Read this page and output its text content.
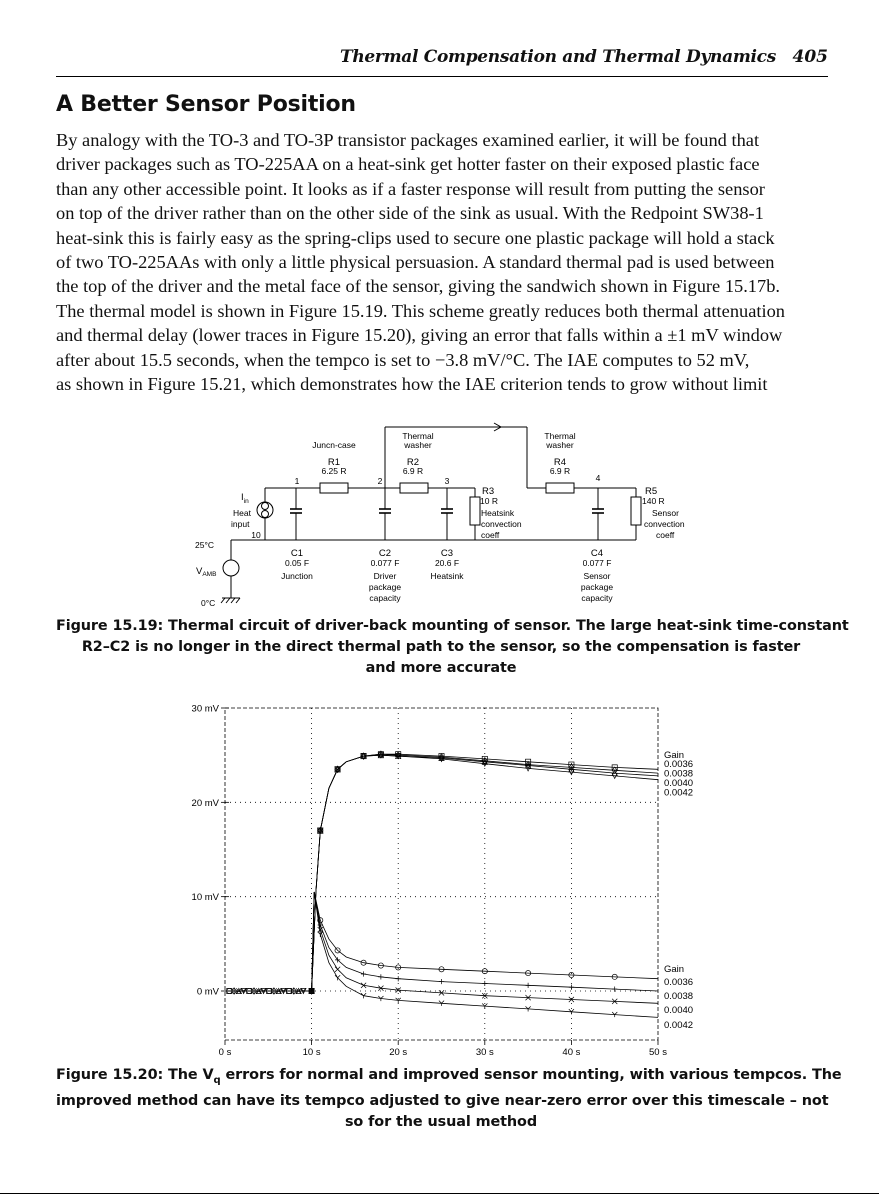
Thermal Compensation and Thermal Dynamics 405
A Better Sensor Position
By analogy with the TO-3 and TO-3P transistor packages examined earlier, it will be found that
driver packages such as TO-225AA on a heat-sink get hotter faster on their exposed plastic face
than any other accessible point. It looks as if a faster response will result from putting the sensor
on top of the driver rather than on the other side of the sink as usual. With the Redpoint SW38-1
heat-sink this is fairly easy as the spring-clips used to secure one plastic package will hold a stack
of two TO-225AAs with only a little physical persuasion. A standard thermal pad is used between
the top of the driver and the metal face of the sensor, giving the sandwich shown in Figure 15.17b.
The thermal model is shown in Figure 15.19. This scheme greatly reduces both thermal attenuation
and thermal delay (lower traces in Figure 15.20), giving an error that falls within a ±1 mV window
after about 15.5 seconds, when the tempco is set to −3.8 mV/°C. The IAE computes to 52 mV,
as shown in Figure 15.21, which demonstrates how the IAE criterion tends to grow without limit
Juncn-case
Thermal
washer
Thermal
washer
R1
6.25 R
R2
6.9 R
R4
6.9 R
1	2	3	4
10
C1
0.05 F
Junction
C2
0.077 F
Driver
package
capacity
C3
20.6 F
Heatsink
C4
0.077 F
Sensor
package
capacity
R3
10 R
Heatsink
convection
coeff
R5
140 R
Sensor
convection
coeff
$I_{in}$
Heat
input
25°C
$V_{AMB}$
0°C
Figure 15.19: Thermal circuit of driver-back mounting of sensor. The large heat-sink time-constant
R2–C2 is no longer in the direct thermal path to the sensor, so the compensation is faster
and more accurate
0 s	10 s	20 s	30 s	40 s	50 s
30 mV
20 mV
10 mV
0 mV
Gain
0.0036
0.0038
0.0040
0.0042
Gain
0.0036
0.0038
0.0040
0.0042
Figure 15.20: The $V_q$ errors for normal and improved sensor mounting, with various tempcos. The
improved method can have its tempco adjusted to give near-zero error over this timescale – not
so for the usual method
